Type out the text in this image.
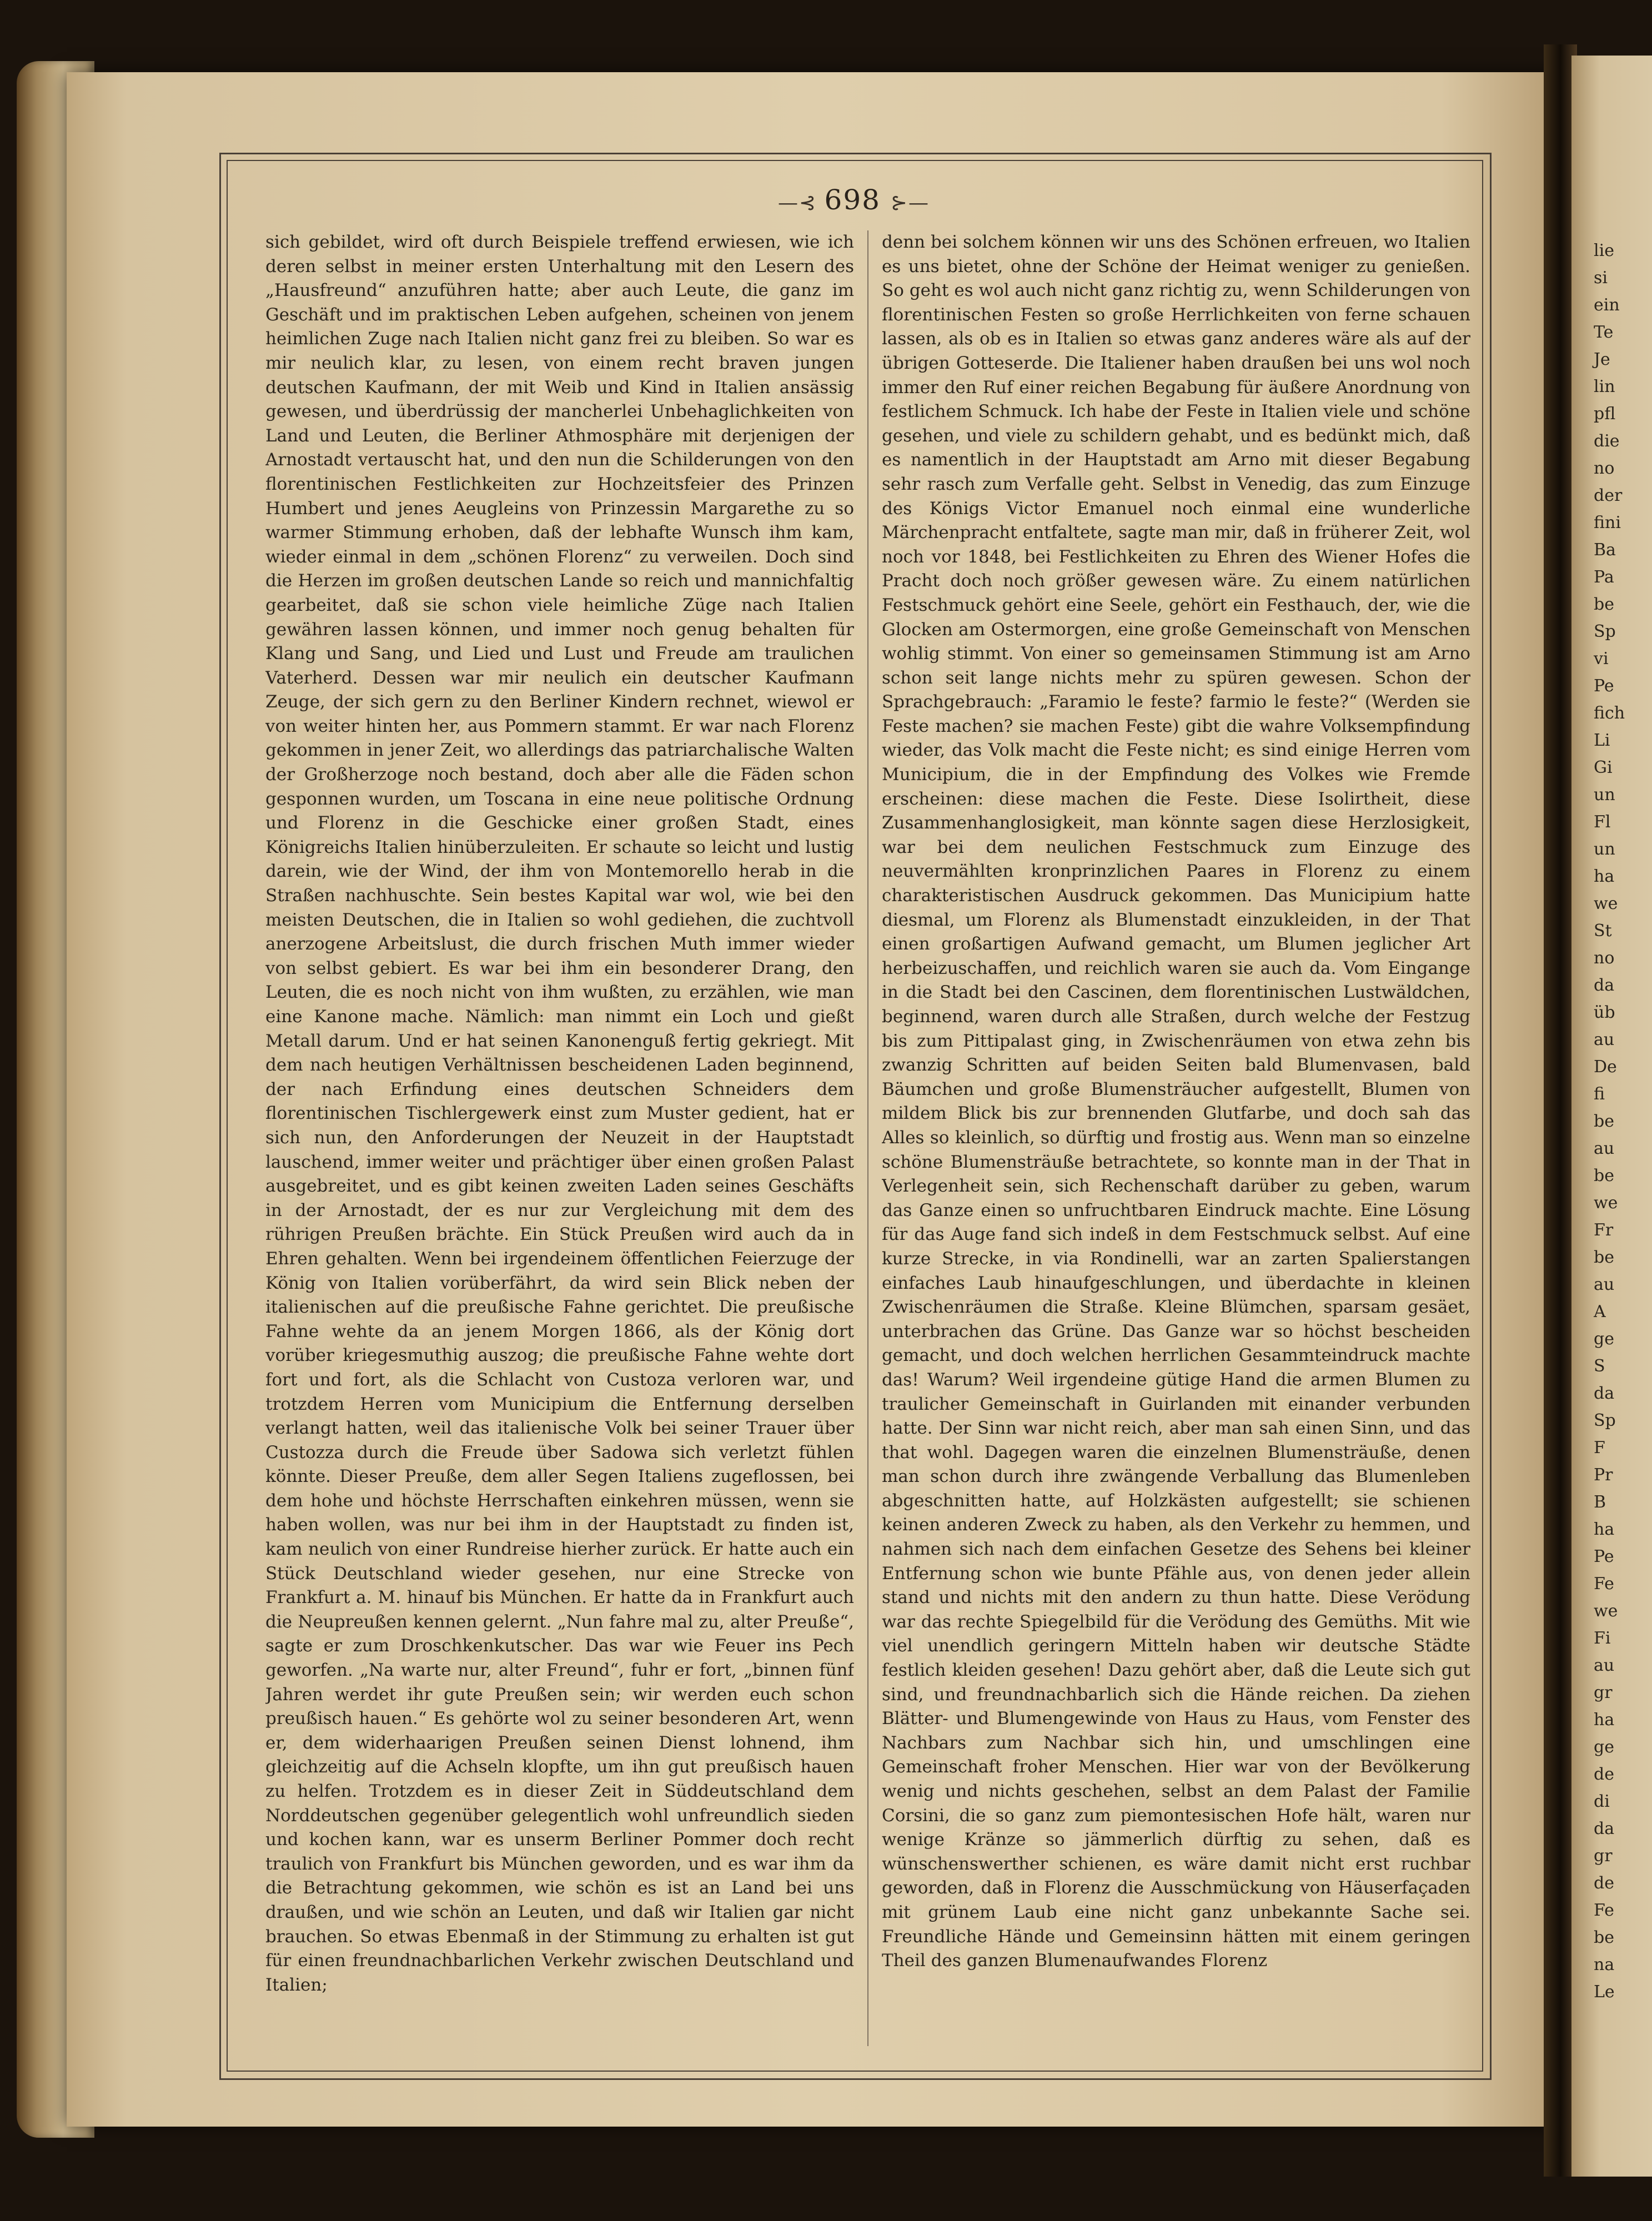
lie
si
ein
Te
Je
lin
pfl
die
no
der
fini
Ba
Pa
be
Sp
vi
Pe
fich
Li
Gi
un
Fl
un
ha
we
St
no
da
üb
au
De
fi
be
au
be
we
Fr
be
au
A
ge
S
da
Sp
F
Pr
B
ha
Pe
Fe
we
Fi
au
gr
ha
ge
de
di
da
gr
de
Fe
be
na
Le
—⊰ 698 ⊱—

sich gebildet, wird oft durch Beispiele treffend erwiesen, wie ich deren selbst in meiner ersten Unterhaltung mit den Lesern des „Hausfreund“ anzuführen hatte; aber auch Leute, die ganz im Geschäft und im praktischen Leben aufgehen, scheinen von jenem heimlichen Zuge nach Italien nicht ganz frei zu bleiben. So war es mir neulich klar, zu lesen, von einem recht braven jungen deutschen Kaufmann, der mit Weib und Kind in Italien ansässig gewesen, und überdrüssig der mancherlei Unbehaglichkeiten von Land und Leuten, die Berliner Athmosphäre mit derjenigen der Arnostadt vertauscht hat, und den nun die Schilderungen von den florentinischen Festlichkeiten zur Hochzeitsfeier des Prinzen Humbert und jenes Aeugleins von Prinzessin Margarethe zu so warmer Stimmung erhoben, daß der lebhafte Wunsch ihm kam, wieder einmal in dem „schönen Florenz“ zu verweilen. Doch sind die Herzen im großen deutschen Lande so reich und mannichfaltig gearbeitet, daß sie schon viele heimliche Züge nach Italien gewähren lassen können, und immer noch genug behalten für Klang und Sang, und Lied und Lust und Freude am traulichen Vaterherd. Dessen war mir neulich ein deutscher Kaufmann Zeuge, der sich gern zu den Berliner Kindern rechnet, wiewol er von weiter hinten her, aus Pommern stammt. Er war nach Florenz gekommen in jener Zeit, wo allerdings das patriarchalische Walten der Großherzoge noch bestand, doch aber alle die Fäden schon gesponnen wurden, um Toscana in eine neue politische Ordnung und Florenz in die Geschicke einer großen Stadt, eines Königreichs Italien hinüberzuleiten. Er schaute so leicht und lustig darein, wie der Wind, der ihm von Montemorello herab in die Straßen nachhuschte. Sein bestes Kapital war wol, wie bei den meisten Deutschen, die in Italien so wohl gediehen, die zuchtvoll anerzogene Arbeitslust, die durch frischen Muth immer wieder von selbst gebiert. Es war bei ihm ein besonderer Drang, den Leuten, die es noch nicht von ihm wußten, zu erzählen, wie man eine Kanone mache. Nämlich: man nimmt ein Loch und gießt Metall darum. Und er hat seinen Kanonenguß fertig gekriegt. Mit dem nach heutigen Verhältnissen bescheidenen Laden beginnend, der nach Erfindung eines deutschen Schneiders dem florentinischen Tischlergewerk einst zum Muster gedient, hat er sich nun, den Anforderungen der Neuzeit in der Hauptstadt lauschend, immer weiter und prächtiger über einen großen Palast ausgebreitet, und es gibt keinen zweiten Laden seines Geschäfts in der Arnostadt, der es nur zur Vergleichung mit dem des rührigen Preußen brächte. Ein Stück Preußen wird auch da in Ehren gehalten. Wenn bei irgendeinem öffentlichen Feierzuge der König von Italien vorüberfährt, da wird sein Blick neben der italienischen auf die preußische Fahne gerichtet. Die preußische Fahne wehte da an jenem Morgen 1866, als der König dort vorüber kriegesmuthig auszog; die preußische Fahne wehte dort fort und fort, als die Schlacht von Custoza verloren war, und trotzdem Herren vom Municipium die Entfernung derselben verlangt hatten, weil das italienische Volk bei seiner Trauer über Custozza durch die Freude über Sadowa sich verletzt fühlen könnte. Dieser Preuße, dem aller Segen Italiens zugeflossen, bei dem hohe und höchste Herrschaften einkehren müssen, wenn sie haben wollen, was nur bei ihm in der Hauptstadt zu finden ist, kam neulich von einer Rundreise hierher zurück. Er hatte auch ein Stück Deutschland wieder gesehen, nur eine Strecke von Frankfurt a. M. hinauf bis München. Er hatte da in Frankfurt auch die Neupreußen kennen gelernt. „Nun fahre mal zu, alter Preuße“, sagte er zum Droschkenkutscher. Das war wie Feuer ins Pech geworfen. „Na warte nur, alter Freund“, fuhr er fort, „binnen fünf Jahren werdet ihr gute Preußen sein; wir werden euch schon preußisch hauen.“ Es gehörte wol zu seiner besonderen Art, wenn er, dem widerhaarigen Preußen seinen Dienst lohnend, ihm gleichzeitig auf die Achseln klopfte, um ihn gut preußisch hauen zu helfen. Trotzdem es in dieser Zeit in Süddeutschland dem Norddeutschen gegenüber gelegentlich wohl unfreundlich sieden und kochen kann, war es unserm Berliner Pommer doch recht traulich von Frankfurt bis München geworden, und es war ihm da die Betrachtung gekommen, wie schön es ist an Land bei uns draußen, und wie schön an Leuten, und daß wir Italien gar nicht brauchen. So etwas Ebenmaß in der Stimmung zu erhalten ist gut für einen freundnachbarlichen Verkehr zwischen Deutschland und Italien;

denn bei solchem können wir uns des Schönen erfreuen, wo Italien es uns bietet, ohne der Schöne der Heimat weniger zu genießen. So geht es wol auch nicht ganz richtig zu, wenn Schilderungen von florentinischen Festen so große Herrlichkeiten von ferne schauen lassen, als ob es in Italien so etwas ganz anderes wäre als auf der übrigen Gotteserde. Die Italiener haben draußen bei uns wol noch immer den Ruf einer reichen Begabung für äußere Anordnung von festlichem Schmuck. Ich habe der Feste in Italien viele und schöne gesehen, und viele zu schildern gehabt, und es bedünkt mich, daß es namentlich in der Hauptstadt am Arno mit dieser Begabung sehr rasch zum Verfalle geht. Selbst in Venedig, das zum Einzuge des Königs Victor Emanuel noch einmal eine wunderliche Märchenpracht entfaltete, sagte man mir, daß in früherer Zeit, wol noch vor 1848, bei Festlichkeiten zu Ehren des Wiener Hofes die Pracht doch noch größer gewesen wäre. Zu einem natürlichen Festschmuck gehört eine Seele, gehört ein Festhauch, der, wie die Glocken am Ostermorgen, eine große Gemeinschaft von Menschen wohlig stimmt. Von einer so gemeinsamen Stimmung ist am Arno schon seit lange nichts mehr zu spüren gewesen. Schon der Sprachgebrauch: „Faramio le feste? farmio le feste?“ (Werden sie Feste machen? sie machen Feste) gibt die wahre Volksempfindung wieder, das Volk macht die Feste nicht; es sind einige Herren vom Municipium, die in der Empfindung des Volkes wie Fremde erscheinen: diese machen die Feste. Diese Isolirtheit, diese Zusammenhanglosigkeit, man könnte sagen diese Herzlosigkeit, war bei dem neulichen Festschmuck zum Einzuge des neuvermählten kronprinzlichen Paares in Florenz zu einem charakteristischen Ausdruck gekommen. Das Municipium hatte diesmal, um Florenz als Blumenstadt einzukleiden, in der That einen großartigen Aufwand gemacht, um Blumen jeglicher Art herbeizuschaffen, und reichlich waren sie auch da. Vom Eingange in die Stadt bei den Cascinen, dem florentinischen Lustwäldchen, beginnend, waren durch alle Straßen, durch welche der Festzug bis zum Pittipalast ging, in Zwischenräumen von etwa zehn bis zwanzig Schritten auf beiden Seiten bald Blumenvasen, bald Bäumchen und große Blumensträucher aufgestellt, Blumen von mildem Blick bis zur brennenden Glutfarbe, und doch sah das Alles so kleinlich, so dürftig und frostig aus. Wenn man so einzelne schöne Blumensträuße betrachtete, so konnte man in der That in Verlegenheit sein, sich Rechenschaft darüber zu geben, warum das Ganze einen so unfruchtbaren Eindruck machte. Eine Lösung für das Auge fand sich indeß in dem Festschmuck selbst. Auf eine kurze Strecke, in via Rondinelli, war an zarten Spalierstangen einfaches Laub hinaufgeschlungen, und überdachte in kleinen Zwischenräumen die Straße. Kleine Blümchen, sparsam gesäet, unterbrachen das Grüne. Das Ganze war so höchst bescheiden gemacht, und doch welchen herrlichen Gesammteindruck machte das! Warum? Weil irgendeine gütige Hand die armen Blumen zu traulicher Gemeinschaft in Guirlanden mit einander verbunden hatte. Der Sinn war nicht reich, aber man sah einen Sinn, und das that wohl. Dagegen waren die einzelnen Blumensträuße, denen man schon durch ihre zwängende Verballung das Blumenleben abgeschnitten hatte, auf Holzkästen aufgestellt; sie schienen keinen anderen Zweck zu haben, als den Verkehr zu hemmen, und nahmen sich nach dem einfachen Gesetze des Sehens bei kleiner Entfernung schon wie bunte Pfähle aus, von denen jeder allein stand und nichts mit den andern zu thun hatte. Diese Verödung war das rechte Spiegelbild für die Verödung des Gemüths. Mit wie viel unendlich geringern Mitteln haben wir deutsche Städte festlich kleiden gesehen! Dazu gehört aber, daß die Leute sich gut sind, und freundnachbarlich sich die Hände reichen. Da ziehen Blätter- und Blumengewinde von Haus zu Haus, vom Fenster des Nachbars zum Nachbar sich hin, und umschlingen eine Gemeinschaft froher Menschen. Hier war von der Bevölkerung wenig und nichts geschehen, selbst an dem Palast der Familie Corsini, die so ganz zum piemontesischen Hofe hält, waren nur wenige Kränze so jämmerlich dürftig zu sehen, daß es wünschenswerther schienen, es wäre damit nicht erst ruchbar geworden, daß in Florenz die Ausschmückung von Häuserfaçaden mit grünem Laub eine nicht ganz unbekannte Sache sei. Freundliche Hände und Gemeinsinn hätten mit einem geringen Theil des ganzen Blumenaufwandes Florenz
